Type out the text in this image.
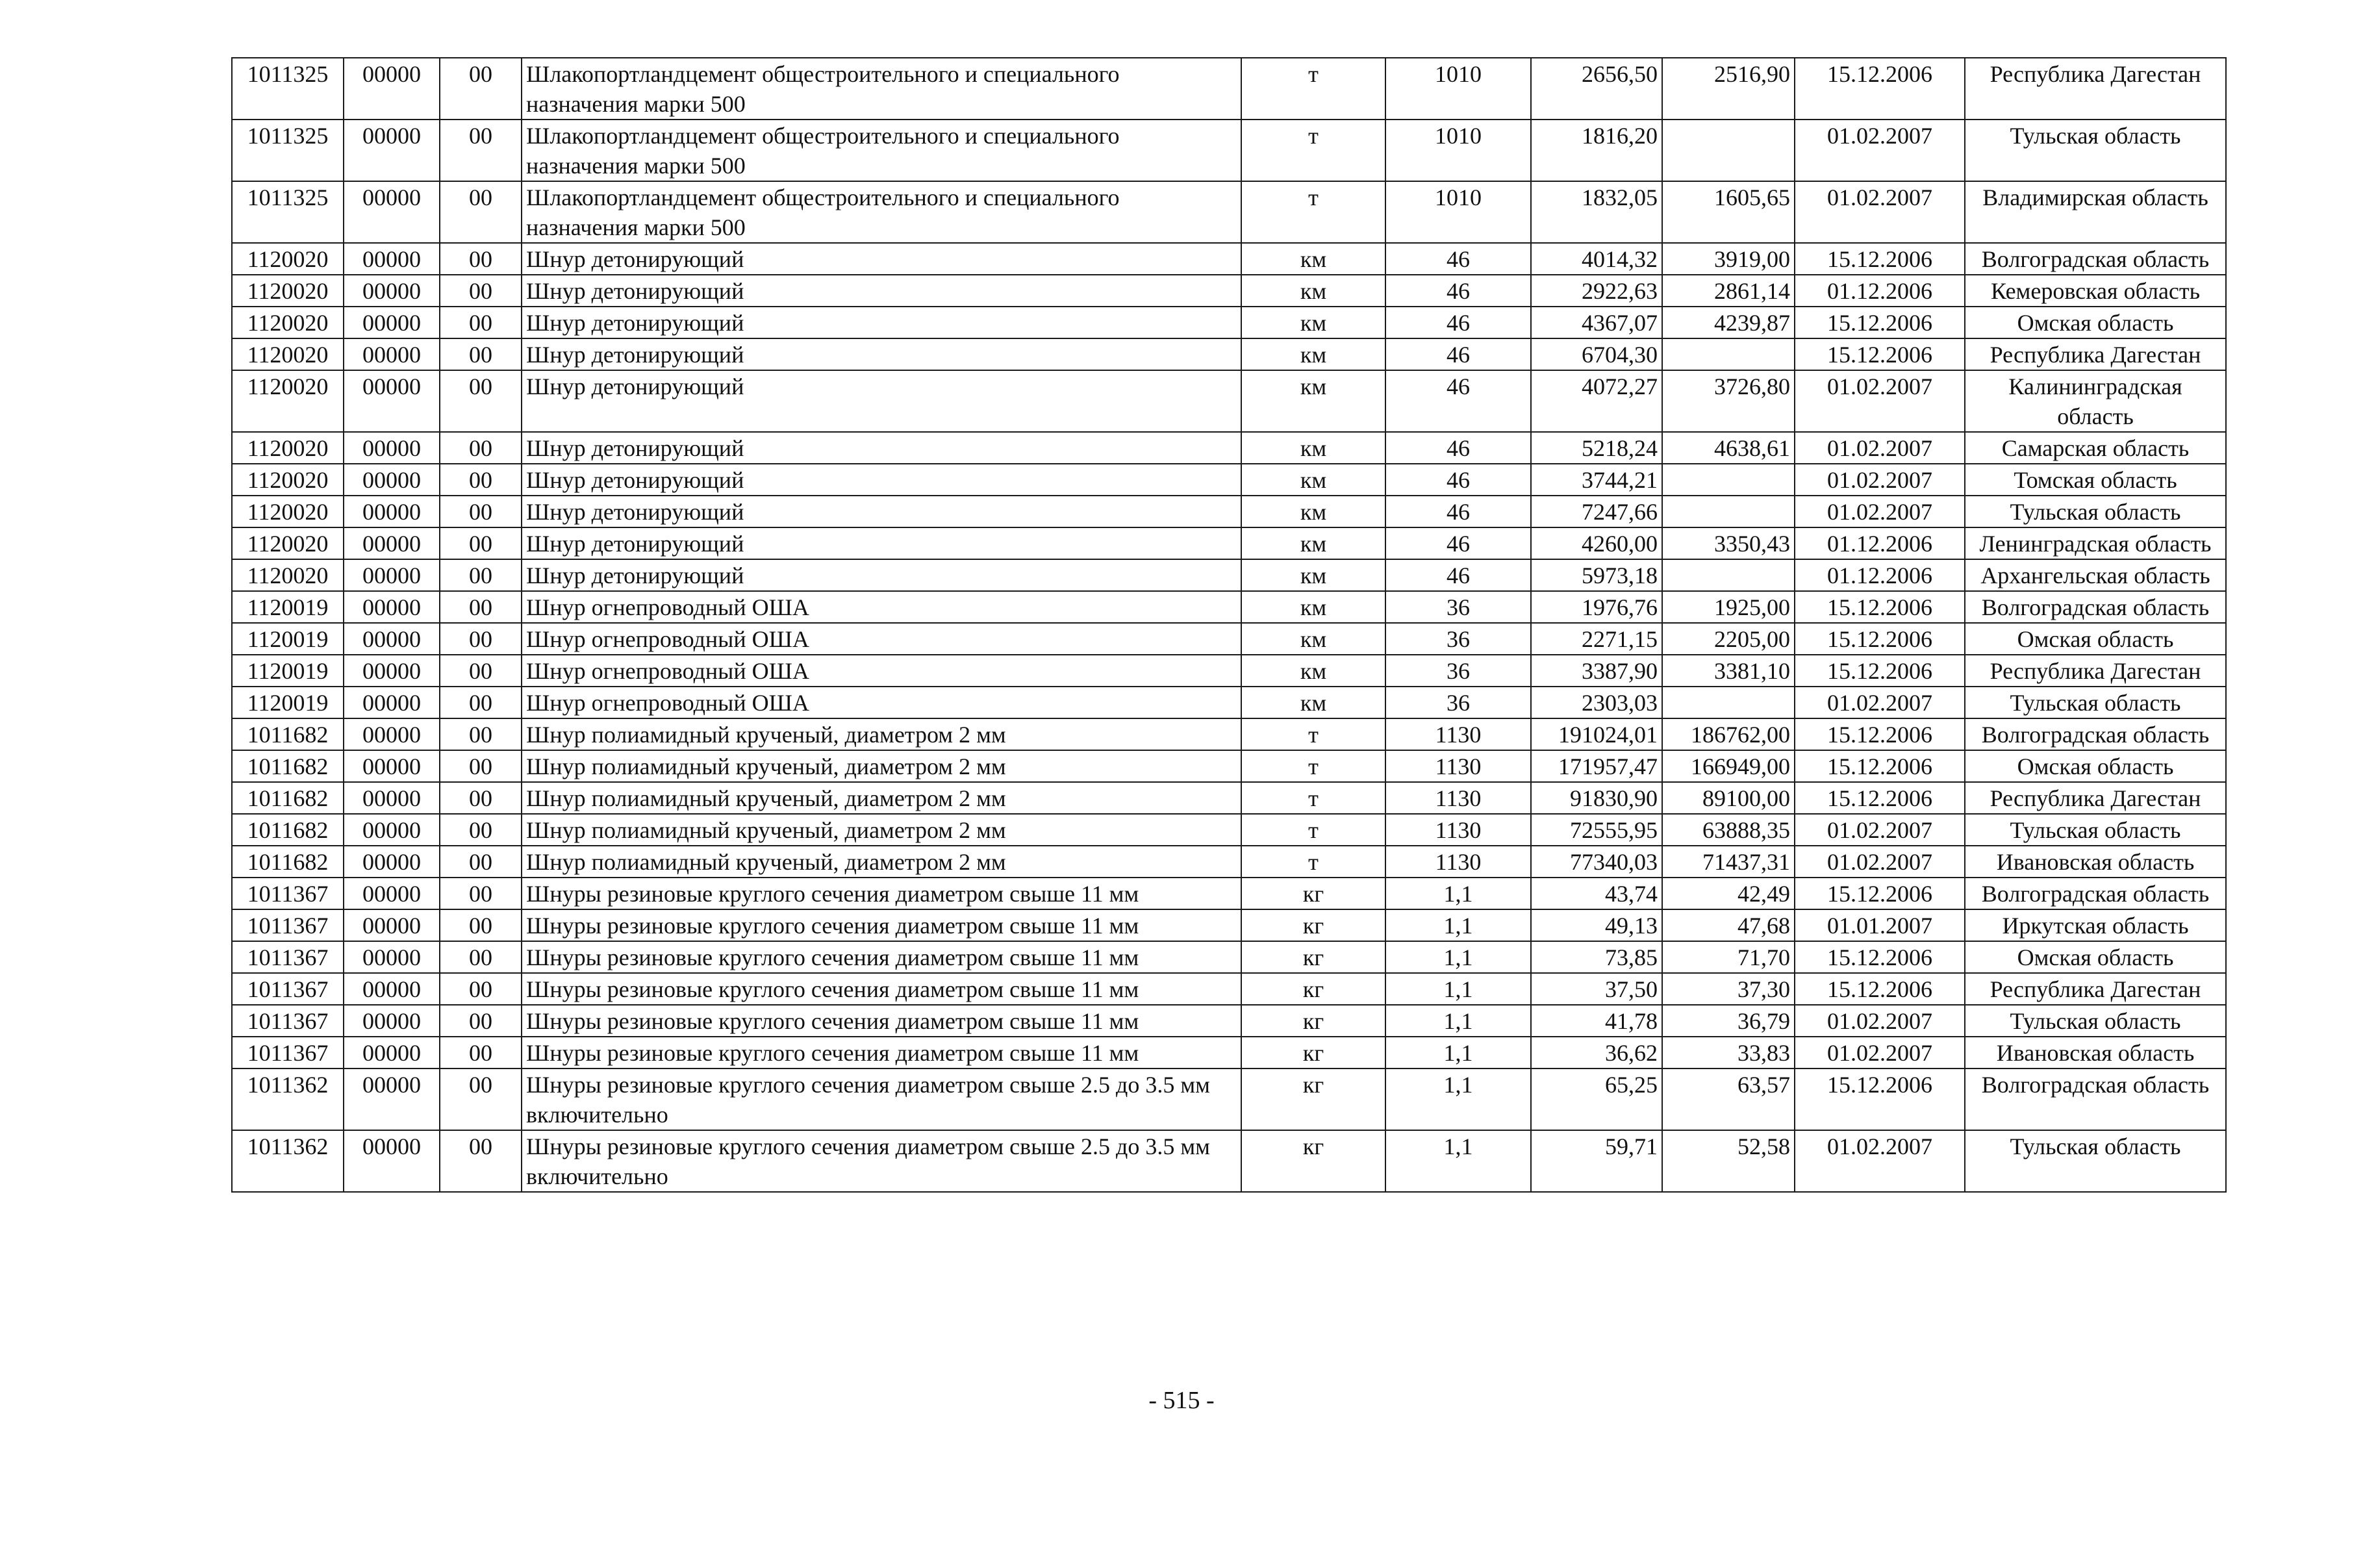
1011325	00000	00	Шлакопортландцемент общестроительного и специального назначения марки 500	т	1010	2656,50	2516,90	15.12.2006	Республика Дагестан
1011325	00000	00	Шлакопортландцемент общестроительного и специального назначения марки 500	т	1010	1816,20		01.02.2007	Тульская область
1011325	00000	00	Шлакопортландцемент общестроительного и специального назначения марки 500	т	1010	1832,05	1605,65	01.02.2007	Владимирская область
1120020	00000	00	Шнур детонирующий	км	46	4014,32	3919,00	15.12.2006	Волгоградская область
1120020	00000	00	Шнур детонирующий	км	46	2922,63	2861,14	01.12.2006	Кемеровская область
1120020	00000	00	Шнур детонирующий	км	46	4367,07	4239,87	15.12.2006	Омская область
1120020	00000	00	Шнур детонирующий	км	46	6704,30		15.12.2006	Республика Дагестан
1120020	00000	00	Шнур детонирующий	км	46	4072,27	3726,80	01.02.2007	Калининградская область
1120020	00000	00	Шнур детонирующий	км	46	5218,24	4638,61	01.02.2007	Самарская область
1120020	00000	00	Шнур детонирующий	км	46	3744,21		01.02.2007	Томская область
1120020	00000	00	Шнур детонирующий	км	46	7247,66		01.02.2007	Тульская область
1120020	00000	00	Шнур детонирующий	км	46	4260,00	3350,43	01.12.2006	Ленинградская область
1120020	00000	00	Шнур детонирующий	км	46	5973,18		01.12.2006	Архангельская область
1120019	00000	00	Шнур огнепроводный ОША	км	36	1976,76	1925,00	15.12.2006	Волгоградская область
1120019	00000	00	Шнур огнепроводный ОША	км	36	2271,15	2205,00	15.12.2006	Омская область
1120019	00000	00	Шнур огнепроводный ОША	км	36	3387,90	3381,10	15.12.2006	Республика Дагестан
1120019	00000	00	Шнур огнепроводный ОША	км	36	2303,03		01.02.2007	Тульская область
1011682	00000	00	Шнур полиамидный крученый, диаметром 2 мм	т	1130	191024,01	186762,00	15.12.2006	Волгоградская область
1011682	00000	00	Шнур полиамидный крученый, диаметром 2 мм	т	1130	171957,47	166949,00	15.12.2006	Омская область
1011682	00000	00	Шнур полиамидный крученый, диаметром 2 мм	т	1130	91830,90	89100,00	15.12.2006	Республика Дагестан
1011682	00000	00	Шнур полиамидный крученый, диаметром 2 мм	т	1130	72555,95	63888,35	01.02.2007	Тульская область
1011682	00000	00	Шнур полиамидный крученый, диаметром 2 мм	т	1130	77340,03	71437,31	01.02.2007	Ивановская область
1011367	00000	00	Шнуры резиновые круглого сечения диаметром свыше 11 мм	кг	1,1	43,74	42,49	15.12.2006	Волгоградская область
1011367	00000	00	Шнуры резиновые круглого сечения диаметром свыше 11 мм	кг	1,1	49,13	47,68	01.01.2007	Иркутская область
1011367	00000	00	Шнуры резиновые круглого сечения диаметром свыше 11 мм	кг	1,1	73,85	71,70	15.12.2006	Омская область
1011367	00000	00	Шнуры резиновые круглого сечения диаметром свыше 11 мм	кг	1,1	37,50	37,30	15.12.2006	Республика Дагестан
1011367	00000	00	Шнуры резиновые круглого сечения диаметром свыше 11 мм	кг	1,1	41,78	36,79	01.02.2007	Тульская область
1011367	00000	00	Шнуры резиновые круглого сечения диаметром свыше 11 мм	кг	1,1	36,62	33,83	01.02.2007	Ивановская область
1011362	00000	00	Шнуры резиновые круглого сечения диаметром свыше 2.5 до 3.5 мм включительно	кг	1,1	65,25	63,57	15.12.2006	Волгоградская область
1011362	00000	00	Шнуры резиновые круглого сечения диаметром свыше 2.5 до 3.5 мм включительно	кг	1,1	59,71	52,58	01.02.2007	Тульская область
- 515 -
